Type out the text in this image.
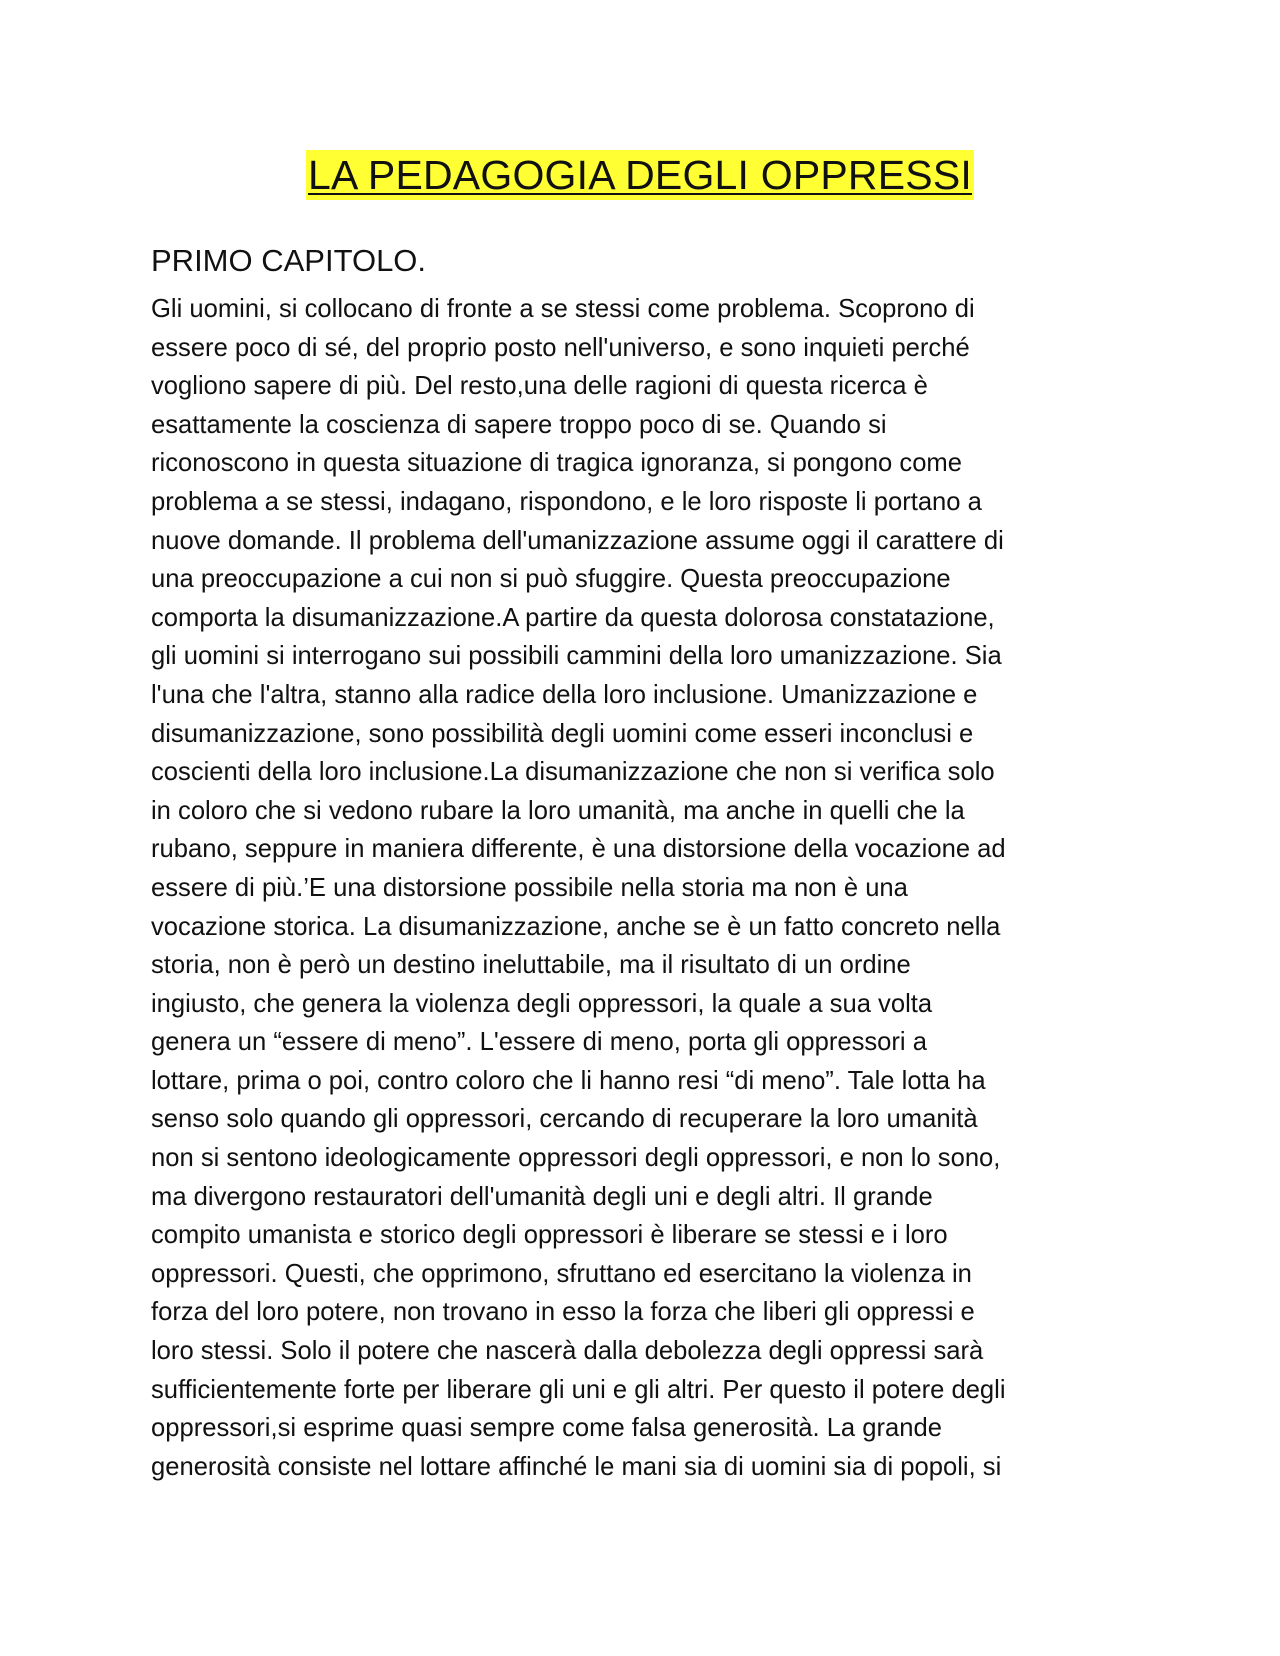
LA PEDAGOGIA DEGLI OPPRESSI
PRIMO CAPITOLO.
Gli uomini, si collocano di fronte a se stessi come problema. Scoprono di
essere poco di sé, del proprio posto nell'universo, e sono inquieti perché
vogliono sapere di più. Del resto,una delle ragioni di questa ricerca è
esattamente la coscienza di sapere troppo poco di se. Quando si
riconoscono in questa situazione di tragica ignoranza, si pongono come
problema a se stessi, indagano, rispondono, e le loro risposte li portano a
nuove domande. Il problema dell'umanizzazione assume oggi il carattere di
una preoccupazione a cui non si può sfuggire. Questa preoccupazione
comporta la disumanizzazione.A partire da questa dolorosa constatazione,
gli uomini si interrogano sui possibili cammini della loro umanizzazione. Sia
l'una che l'altra, stanno alla radice della loro inclusione. Umanizzazione e
disumanizzazione, sono possibilità degli uomini come esseri inconclusi e
coscienti della loro inclusione.La disumanizzazione che non si verifica solo
in coloro che si vedono rubare la loro umanità, ma anche in quelli che la
rubano, seppure in maniera differente, è una distorsione della vocazione ad
essere di più.’E una distorsione possibile nella storia ma non è una
vocazione storica. La disumanizzazione, anche se è un fatto concreto nella
storia, non è però un destino ineluttabile, ma il risultato di un ordine
ingiusto, che genera la violenza degli oppressori, la quale a sua volta
genera un “essere di meno”. L'essere di meno, porta gli oppressori a
lottare, prima o poi, contro coloro che li hanno resi “di meno”. Tale lotta ha
senso solo quando gli oppressori, cercando di recuperare la loro umanità
non si sentono ideologicamente oppressori degli oppressori, e non lo sono,
ma divergono restauratori dell'umanità degli uni e degli altri. Il grande
compito umanista e storico degli oppressori è liberare se stessi e i loro
oppressori. Questi, che opprimono, sfruttano ed esercitano la violenza in
forza del loro potere, non trovano in esso la forza che liberi gli oppressi e
loro stessi. Solo il potere che nascerà dalla debolezza degli oppressi sarà
sufficientemente forte per liberare gli uni e gli altri. Per questo il potere degli
oppressori,si esprime quasi sempre come falsa generosità. La grande
generosità consiste nel lottare affinché le mani sia di uomini sia di popoli, si
